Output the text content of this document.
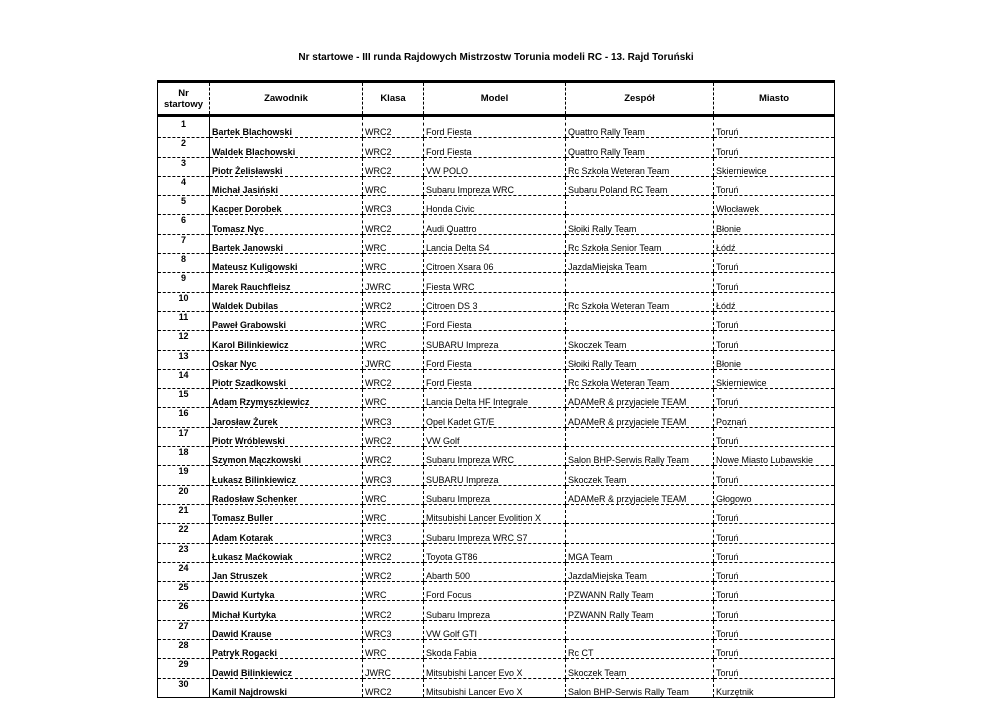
Nr startowe - III runda Rajdowych Mistrzostw Torunia modeli RC - 13. Rajd Toruński
Nr
startowy	Zawodnik	Klasa	Model	Zespół	Miasto
1	Bartek Blachowski	WRC2	Ford Fiesta	Quattro Rally Team	Toruń
2	Waldek Blachowski	WRC2	Ford Fiesta	Quattro Rally Team	Toruń
3	Piotr Żelisławski	WRC2	VW POLO	Rc Szkoła Weteran Team	Skierniewice
4	Michał Jasiński	WRC	Subaru Impreza WRC	Subaru Poland RC Team	Toruń
5	Kacper Dorobek	WRC3	Honda Civic		Włocławek
6	Tomasz Nyc	WRC2	Audi Quattro	Słoiki Rally Team	Błonie
7	Bartek Janowski	WRC	Lancia Delta S4	Rc Szkoła Senior Team	Łódź
8	Mateusz Kuligowski	WRC	Citroen Xsara 06	JazdaMiejska Team	Toruń
9	Marek Rauchfleisz	JWRC	Fiesta WRC		Toruń
10	Waldek Dubilas	WRC2	Citroen DS 3	Rc Szkoła Weteran Team	Łódź
11	Paweł Grabowski	WRC	Ford Fiesta		Toruń
12	Karol Bilinkiewicz	WRC	SUBARU Impreza	Skoczek Team	Toruń
13	Oskar Nyc	JWRC	Ford Fiesta	Słoiki Rally Team	Błonie
14	Piotr Szadkowski	WRC2	Ford Fiesta	Rc Szkoła Weteran Team	Skierniewice
15	Adam Rzymyszkiewicz	WRC	Lancia Delta HF Integrale	ADAMeR & przyjaciele TEAM	Toruń
16	Jarosław Żurek	WRC3	Opel Kadet GT/E	ADAMeR & przyjaciele TEAM	Poznań
17	Piotr Wróblewski	WRC2	VW Golf		Toruń
18	Szymon Mączkowski	WRC2	Subaru Impreza WRC	Salon BHP-Serwis Rally Team	Nowe Miasto Lubawskie
19	Łukasz Bilinkiewicz	WRC3	SUBARU Impreza	Skoczek Team	Toruń
20	Radosław Schenker	WRC	Subaru Impreza	ADAMeR & przyjaciele TEAM	Głogowo
21	Tomasz Buller	WRC	Mitsubishi Lancer Evolition X		Toruń
22	Adam Kotarak	WRC3	Subaru Impreza WRC S7		Toruń
23	Łukasz Maćkowiak	WRC2	Toyota GT86	MGA Team	Toruń
24	Jan Struszek	WRC2	Abarth 500	JazdaMiejska Team	Toruń
25	Dawid Kurtyka	WRC	Ford Focus	PZWANN Rally Team	Toruń
26	Michał Kurtyka	WRC2	Subaru Impreza	PZWANN Rally Team	Toruń
27	Dawid Krause	WRC3	VW Golf GTI		Toruń
28	Patryk Rogacki	WRC	Skoda Fabia	Rc CT	Toruń
29	Dawid Bilinkiewicz	JWRC	Mitsubishi Lancer Evo X	Skoczek Team	Toruń
30	Kamil Najdrowski	WRC2	Mitsubishi Lancer Evo X	Salon BHP-Serwis Rally Team	Kurzętnik
